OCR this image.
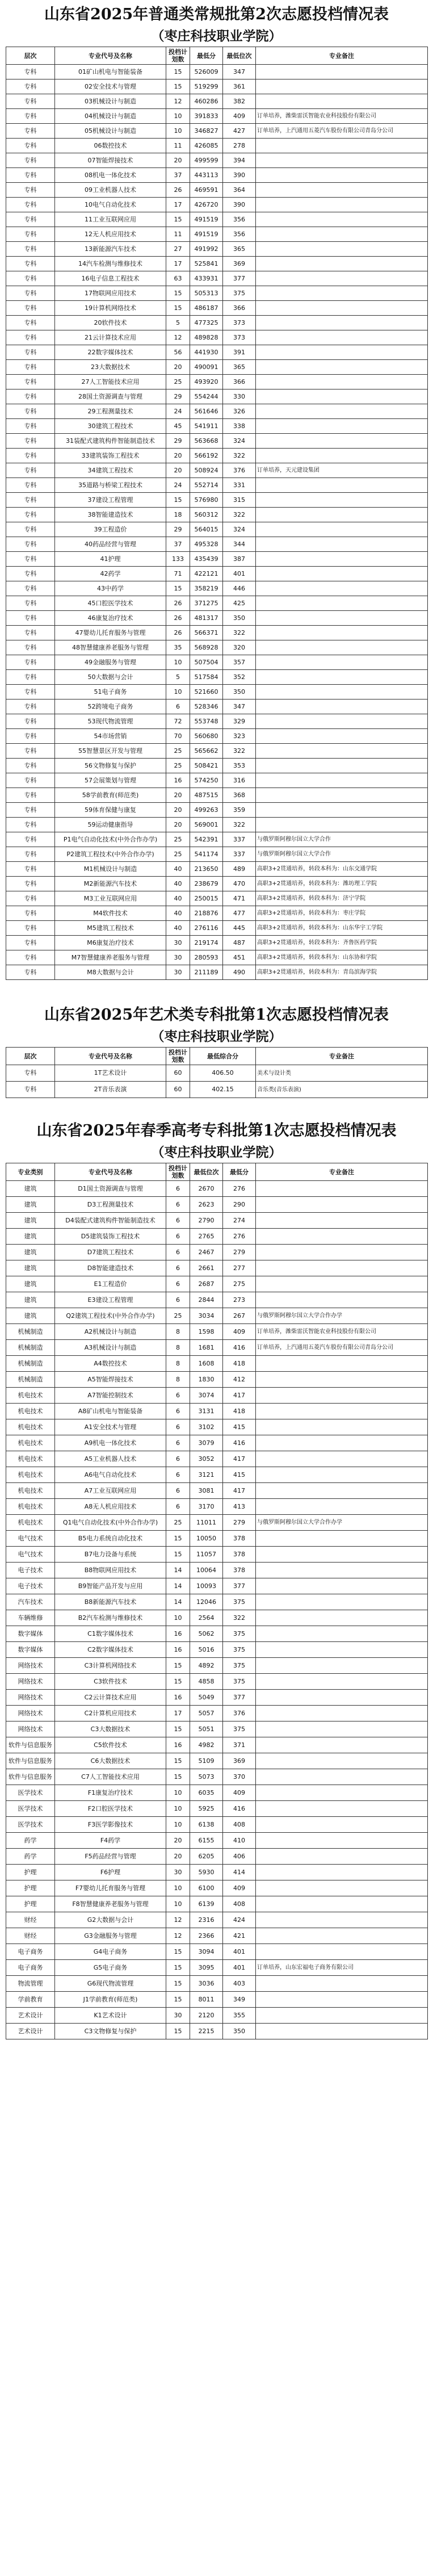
山东省2025年普通类常规批第2次志愿投档情况表
（枣庄科技职业学院）
层次	专业代号及名称	投档计划数	最低分	最低位次	专业备注
专科	01矿山机电与智能装备	15	526009	347	
专科	02安全技术与管理	15	519299	361	
专科	03机械设计与制造	12	460286	382	
专科	04机械设计与制造	10	391833	409	订单培养，潍柴雷沃智能农业科技股份有限公司
专科	05机械设计与制造	10	346827	427	订单培养，上汽通用五菱汽车股份有限公司青岛分公司
专科	06数控技术	11	426085	278	
专科	07智能焊接技术	20	499599	394	
专科	08机电一体化技术	37	443113	390	
专科	09工业机器人技术	26	469591	364	
专科	10电气自动化技术	17	426720	390	
专科	11工业互联网应用	15	491519	356	
专科	12无人机应用技术	11	491519	356	
专科	13新能源汽车技术	27	491992	365	
专科	14汽车检测与维修技术	17	525841	369	
专科	16电子信息工程技术	63	433931	377	
专科	17物联网应用技术	15	505313	375	
专科	19计算机网络技术	15	486187	366	
专科	20软件技术	5	477325	373	
专科	21云计算技术应用	12	489828	373	
专科	22数字媒体技术	56	441930	391	
专科	23大数据技术	20	490091	365	
专科	27人工智能技术应用	25	493920	366	
专科	28国土资源调查与管理	29	554244	330	
专科	29工程测量技术	24	561646	326	
专科	30建筑工程技术	45	541911	338	
专科	31装配式建筑构件智能制造技术	29	563668	324	
专科	33建筑装饰工程技术	20	566192	322	
专科	34建筑工程技术	20	508924	376	订单培养，天元建设集团
专科	35道路与桥梁工程技术	24	552714	331	
专科	37建设工程管理	15	576980	315	
专科	38智能建造技术	18	560312	322	
专科	39工程造价	29	564015	324	
专科	40药品经营与管理	37	495328	344	
专科	41护理	133	435439	387	
专科	42药学	71	422121	401	
专科	43中药学	15	358219	446	
专科	45口腔医学技术	26	371275	425	
专科	46康复治疗技术	26	481317	350	
专科	47婴幼儿托育服务与管理	26	566371	322	
专科	48智慧健康养老服务与管理	35	568928	320	
专科	49金融服务与管理	10	507504	357	
专科	50大数据与会计	5	517584	352	
专科	51电子商务	10	521660	350	
专科	52跨境电子商务	6	528346	347	
专科	53现代物流管理	72	553748	329	
专科	54市场营销	70	560680	323	
专科	55智慧景区开发与管理	25	565662	322	
专科	56文物修复与保护	25	508421	353	
专科	57会展策划与管理	16	574250	316	
专科	58学前教育(师范类)	20	487515	368	
专科	59体育保健与康复	20	499263	359	
专科	59运动健康指导	20	569001	322	
专科	P1电气自动化技术(中外合作办学)	25	542391	337	与俄罗斯阿穆尔国立大学合作
专科	P2建筑工程技术(中外合作办学)	25	541174	337	与俄罗斯阿穆尔国立大学合作
专科	M1机械设计与制造	40	213650	489	高职3+2贯通培养，转段本科为：山东交通学院
专科	M2新能源汽车技术	40	238679	470	高职3+2贯通培养，转段本科为：潍坊理工学院
专科	M3工业互联网应用	40	250015	471	高职3+2贯通培养，转段本科为：济宁学院
专科	M4软件技术	40	218876	477	高职3+2贯通培养，转段本科为：枣庄学院
专科	M5建筑工程技术	40	276116	445	高职3+2贯通培养，转段本科为：山东华宇工学院
专科	M6康复治疗技术	30	219174	487	高职3+2贯通培养，转段本科为：齐鲁医药学院
专科	M7智慧健康养老服务与管理	30	280593	451	高职3+2贯通培养，转段本科为：山东协和学院
专科	M8大数据与会计	30	211189	490	高职3+2贯通培养，转段本科为：青岛滨海学院
山东省2025年艺术类专科批第1次志愿投档情况表
（枣庄科技职业学院）
层次	专业代号及名称	投档计划数	最低综合分	专业备注
专科	1T艺术设计	60	406.50	美术与设计类
专科	2T音乐表演	60	402.15	音乐类(音乐表演)
山东省2025年春季高考专科批第1次志愿投档情况表
（枣庄科技职业学院）
专业类别	专业代号及名称	投档计划数	最低位次	最低分	专业备注
建筑	D1国土资源调查与管理	6	2670	276	
建筑	D3工程测量技术	6	2623	290	
建筑	D4装配式建筑构件智能制造技术	6	2790	274	
建筑	D5建筑装饰工程技术	6	2765	276	
建筑	D7建筑工程技术	6	2467	279	
建筑	D8智能建造技术	6	2661	277	
建筑	E1工程造价	6	2687	275	
建筑	E3建设工程管理	6	2844	273	
建筑	Q2建筑工程技术(中外合作办学)	25	3034	267	与俄罗斯阿穆尔国立大学合作办学
机械制造	A2机械设计与制造	8	1598	409	订单培养，潍柴雷沃智能农业科技股份有限公司
机械制造	A3机械设计与制造	8	1681	416	订单培养，上汽通用五菱汽车股份有限公司青岛分公司
机械制造	A4数控技术	8	1608	418	
机械制造	A5智能焊接技术	8	1830	412	
机电技术	A7智能控制技术	6	3074	417	
机电技术	A8矿山机电与智能装备	6	3131	418	
机电技术	A1安全技术与管理	6	3102	415	
机电技术	A9机电一体化技术	6	3079	416	
机电技术	A5工业机器人技术	6	3052	417	
机电技术	A6电气自动化技术	6	3121	415	
机电技术	A7工业互联网应用	6	3081	417	
机电技术	A8无人机应用技术	6	3170	413	
机电技术	Q1电气自动化技术(中外合作办学)	25	11011	279	与俄罗斯阿穆尔国立大学合作办学
电气技术	B5电力系统自动化技术	15	10050	378	
电气技术	B7电力设备与系统	15	11057	378	
电子技术	B8物联网应用技术	14	10064	378	
电子技术	B9智能产品开发与应用	14	10093	377	
汽车技术	B8新能源汽车技术	14	12046	375	
车辆维修	B2汽车检测与维修技术	10	2564	322	
数字媒体	C1数字媒体技术	16	5062	375	
数字媒体	C2数字媒体技术	16	5016	375	
网络技术	C3计算机网络技术	15	4892	375	
网络技术	C3软件技术	15	4858	375	
网络技术	C2云计算技术应用	16	5049	377	
网络技术	C2计算机应用技术	17	5057	376	
网络技术	C3大数据技术	15	5051	375	
软件与信息服务	C5软件技术	16	4982	371	
软件与信息服务	C6大数据技术	15	5109	369	
软件与信息服务	C7人工智能技术应用	15	5073	370	
医学技术	F1康复治疗技术	10	6035	409	
医学技术	F2口腔医学技术	10	5925	416	
医学技术	F3医学影像技术	10	6138	408	
药学	F4药学	20	6155	410	
药学	F5药品经营与管理	20	6205	406	
护理	F6护理	30	5930	414	
护理	F7婴幼儿托育服务与管理	10	6100	409	
护理	F8智慧健康养老服务与管理	10	6139	408	
财经	G2大数据与会计	12	2316	424	
财经	G3金融服务与管理	12	2366	421	
电子商务	G4电子商务	15	3094	401	
电子商务	G5电子商务	15	3095	401	订单培养，山东宏福电子商务有限公司
物流管理	G6现代物流管理	15	3036	403	
学前教育	J1学前教育(师范类)	15	8011	349	
艺术设计	K1艺术设计	30	2120	355	
艺术设计	C3文物修复与保护	15	2215	350	
